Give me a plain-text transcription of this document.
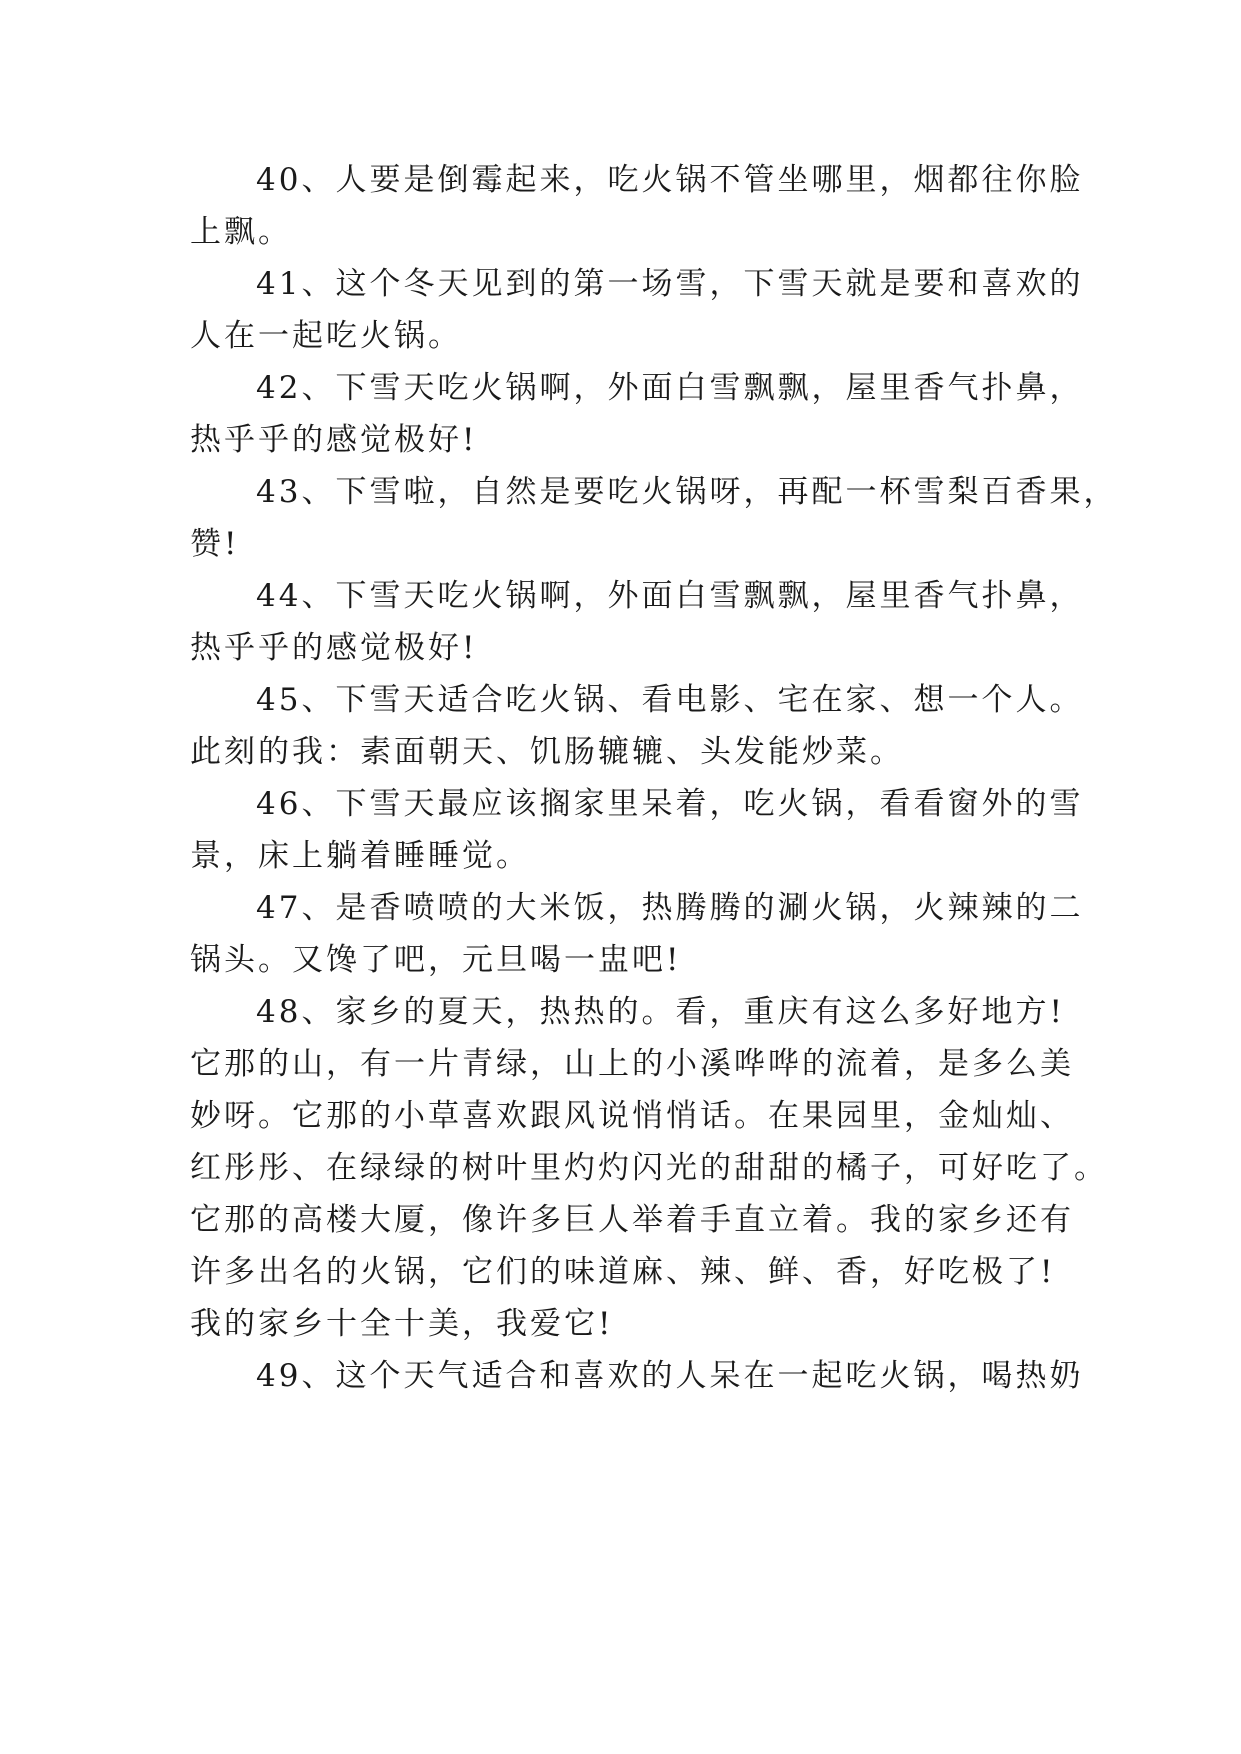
40、人要是倒霉起来，吃火锅不管坐哪里，烟都往你脸
上飘。
41、这个冬天见到的第一场雪，下雪天就是要和喜欢的
人在一起吃火锅。
42、下雪天吃火锅啊，外面白雪飘飘，屋里香气扑鼻，
热乎乎的感觉极好!
43、下雪啦，自然是要吃火锅呀，再配一杯雪梨百香果，
赞!
44、下雪天吃火锅啊，外面白雪飘飘，屋里香气扑鼻，
热乎乎的感觉极好!
45、下雪天适合吃火锅、看电影、宅在家、想一个人。
此刻的我：素面朝天、饥肠辘辘、头发能炒菜。
46、下雪天最应该搁家里呆着，吃火锅，看看窗外的雪
景，床上躺着睡睡觉。
47、是香喷喷的大米饭，热腾腾的涮火锅，火辣辣的二
锅头。又馋了吧，元旦喝一盅吧!
48、家乡的夏天，热热的。看，重庆有这么多好地方!
它那的山，有一片青绿，山上的小溪哗哗的流着，是多么美
妙呀。它那的小草喜欢跟风说悄悄话。在果园里，金灿灿、
红彤彤、在绿绿的树叶里灼灼闪光的甜甜的橘子，可好吃了。
它那的高楼大厦，像许多巨人举着手直立着。我的家乡还有
许多出名的火锅，它们的味道麻、辣、鲜、香，好吃极了!
我的家乡十全十美，我爱它!
49、这个天气适合和喜欢的人呆在一起吃火锅，喝热奶
